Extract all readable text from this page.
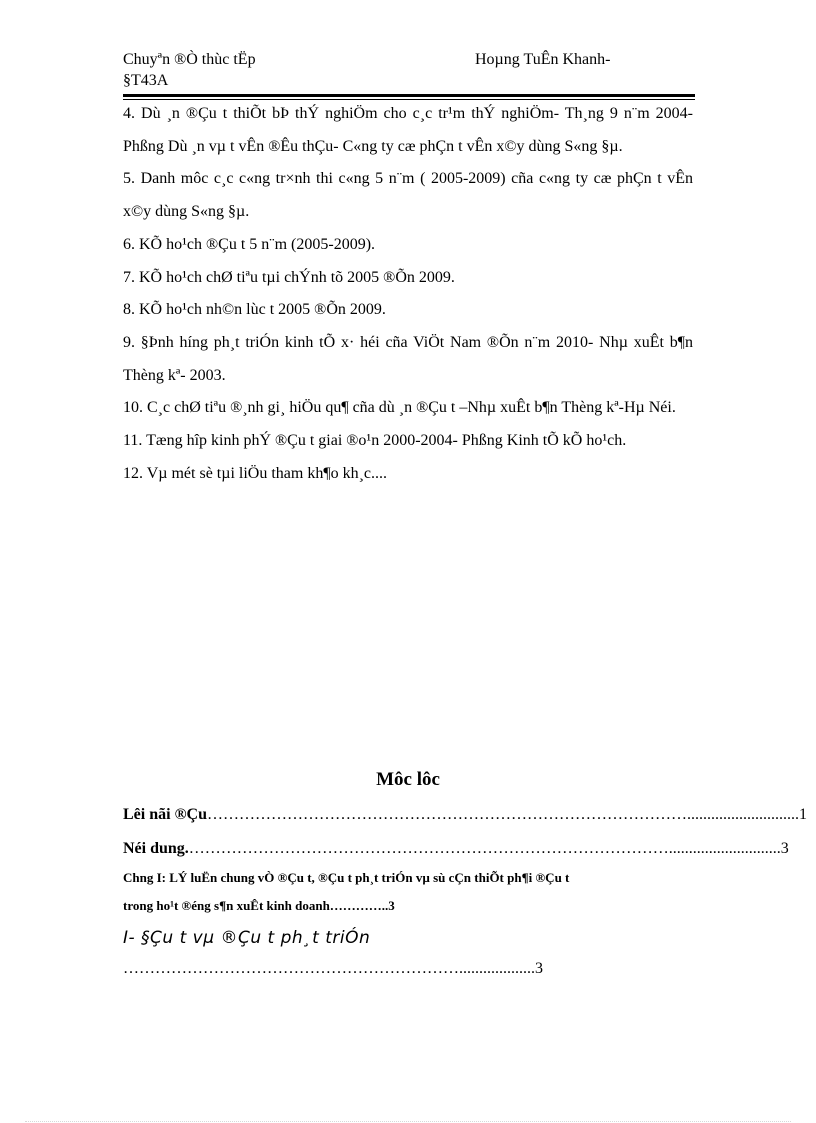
Chuyªn ®Ò thùc tËp	Hoµng TuÊn Khanh-
§T43A

4. Dù ¸n ®Çu t thiÕt bÞ thÝ nghiÖm cho c¸c tr¹m thÝ nghiÖm- Th¸ng 9 n¨m 2004- Phßng Dù ¸n vµ t vÊn ®Êu thÇu- C«ng ty cæ phÇn t vÊn x©y dùng S«ng §µ.

5. Danh môc c¸c c«ng tr×nh thi c«ng 5 n¨m ( 2005-2009) cña c«ng ty cæ phÇn t vÊn x©y dùng S«ng §µ.

6. KÕ ho¹ch ®Çu t 5 n¨m (2005-2009).

7. KÕ ho¹ch chØ tiªu tµi chÝnh tõ 2005 ®Õn 2009.

8. KÕ ho¹ch nh©n lùc t 2005 ®Õn 2009.

9. §Þnh híng ph¸t triÓn kinh tÕ x· héi cña ViÖt Nam ®Õn n¨m 2010- Nhµ xuÊt b¶n Thèng kª- 2003.

10. C¸c chØ tiªu ®¸nh gi¸ hiÖu qu¶ cña dù ¸n ®Çu t –Nhµ xuÊt b¶n Thèng kª-Hµ Néi.

11. Tæng hîp kinh phÝ ®Çu t giai ®o¹n 2000-2004- Phßng Kinh tÕ kÕ ho¹ch.

12. Vµ mét sè tµi liÖu tham kh¶o kh¸c....

Môc lôc
Lêi nãi ®Çu………………………………………………………………………………............................1
Néi dung.………………………………………………………………………………............................3
Chng I: LÝ luËn chung vÒ ®Çu t, ®Çu t ph¸t triÓn vµ sù cÇn thiÕt ph¶i ®Çu t
trong ho¹t ®éng s¶n xuÊt kinh doanh…………..3
I- §Çu t vµ ®Çu t ph¸t triÓn
………………………………………………………...................3
